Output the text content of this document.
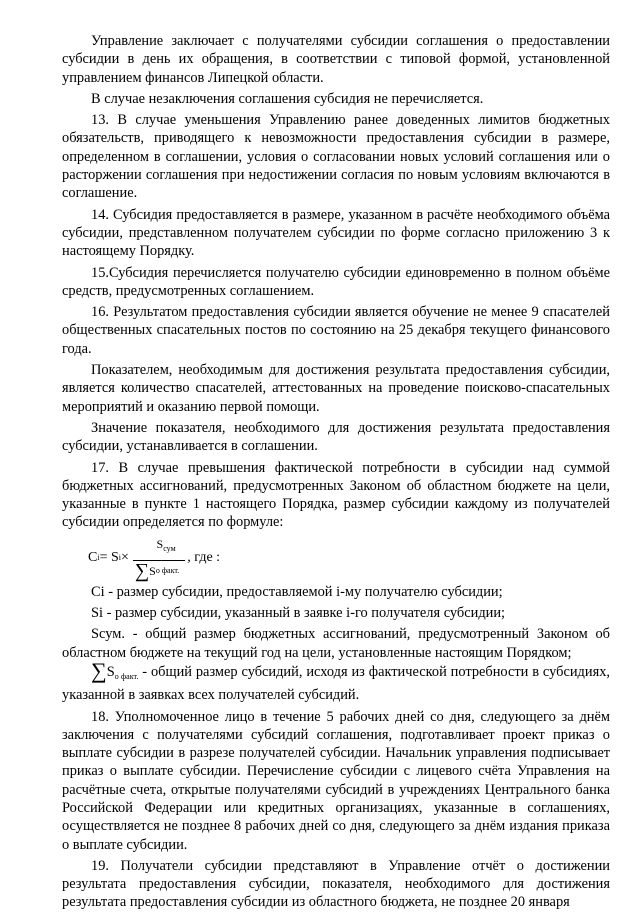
Управление заключает с получателями субсидии соглашения о предоставлении субсидии в день их обращения, в соответствии с типовой формой, установленной управлением финансов Липецкой области.

В случае незаключения соглашения субсидия не перечисляется.

13. В случае уменьшения Управлению ранее доведенных лимитов бюджетных обязательств, приводящего к невозможности предоставления субсидии в размере, определенном в соглашении, условия о согласовании новых условий соглашения или о расторжении соглашения при недостижении согласия по новым условиям включаются в соглашение.

14. Субсидия предоставляется в размере, указанном в расчёте необходимого объёма субсидии, представленном получателем субсидии по форме согласно приложению 3 к настоящему Порядку.

15.Субсидия перечисляется получателю субсидии единовременно в полном объёме средств, предусмотренных соглашением.

16. Результатом предоставления субсидии является обучение не менее 9 спасателей общественных спасательных постов по состоянию на 25 декабря текущего финансового года.

Показателем, необходимым для достижения результата предоставления субсидии, является количество спасателей, аттестованных на проведение поисково-спасательных мероприятий и оказанию первой помощи.

Значение показателя, необходимого для достижения результата предоставления субсидии, устанавливается в соглашении.

17. В случае превышения фактической потребности в субсидии над суммой бюджетных ассигнований, предусмотренных Законом об областном бюджете на цели, указанные в пункте 1 настоящего Порядка, размер субсидии каждому из получателей субсидии определяется по формуле:

C i = S $i \times \frac{S_{сум}}{\text{∑ S о факт.}}$ , где :

Ci - размер субсидии, предоставляемой i-му получателю субсидии;

Si - размер субсидии, указанный в заявке i-го получателя субсидии;

Sсум. - общий размер бюджетных ассигнований, предусмотренный Законом об областном бюджете на текущий год на цели, установленные настоящим Порядком;

$\sum S_{о факт.}$ - общий размер субсидий, исходя из фактической потребности в субсидиях, указанной в заявках всех получателей субсидий.

18. Уполномоченное лицо в течение 5 рабочих дней со дня, следующего за днём заключения с получателями субсидий соглашения, подготавливает проект приказ о выплате субсидии в разрезе получателей субсидии. Начальник управления подписывает приказ о выплате субсидии. Перечисление субсидии с лицевого счёта Управления на расчётные счета, открытые получателями субсидий в учреждениях Центрального банка Российской Федерации или кредитных организациях, указанные в соглашениях, осуществляется не позднее 8 рабочих дней со дня, следующего за днём издания приказа о выплате субсидии.

19. Получатели субсидии представляют в Управление отчёт о достижении результата предоставления субсидии, показателя, необходимого для достижения результата предоставления субсидии из областного бюджета, не позднее 20 января
